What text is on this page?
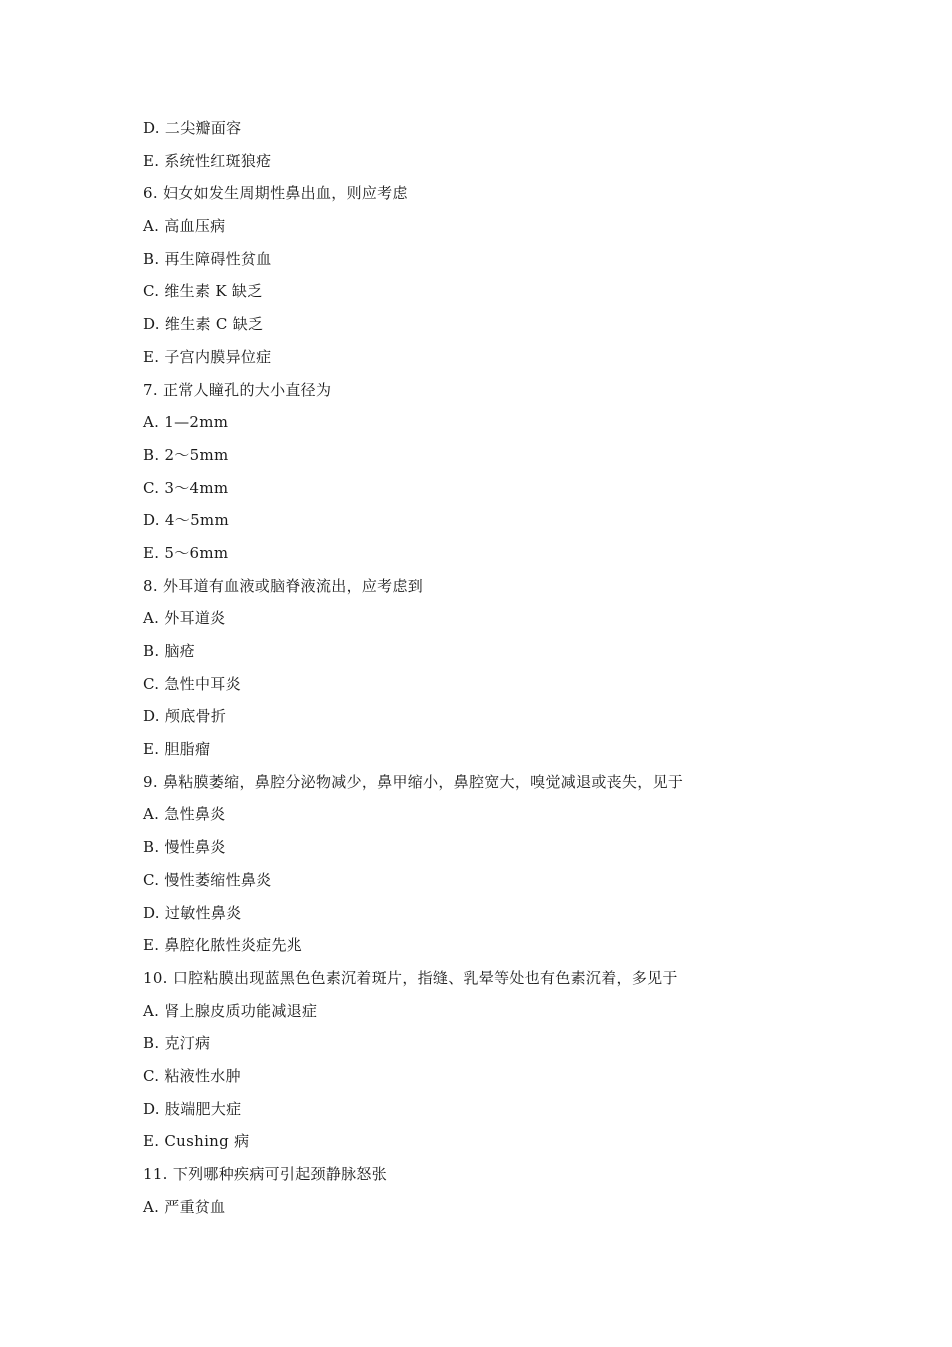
D. 二尖瓣面容
E. 系统性红斑狼疮
6. 妇女如发生周期性鼻出血，则应考虑
A. 高血压病
B. 再生障碍性贫血
C. 维生素 K 缺乏
D. 维生素 C 缺乏
E. 子宫内膜异位症
7. 正常人瞳孔的大小直径为
A. 1—2mm
B. 2～5mm
C. 3～4mm
D. 4～5mm
E. 5～6mm
8. 外耳道有血液或脑脊液流出，应考虑到
A. 外耳道炎
B. 脑疮
C. 急性中耳炎
D. 颅底骨折
E. 胆脂瘤
9. 鼻粘膜萎缩，鼻腔分泌物减少，鼻甲缩小，鼻腔宽大，嗅觉减退或丧失，见于
A. 急性鼻炎
B. 慢性鼻炎
C. 慢性萎缩性鼻炎
D. 过敏性鼻炎
E. 鼻腔化脓性炎症先兆
10. 口腔粘膜出现蓝黑色色素沉着斑片，指缝、乳晕等处也有色素沉着，多见于
A. 肾上腺皮质功能减退症
B. 克汀病
C. 粘液性水肿
D. 肢端肥大症
E. Cushing 病
11. 下列哪种疾病可引起颈静脉怒张
A. 严重贫血
